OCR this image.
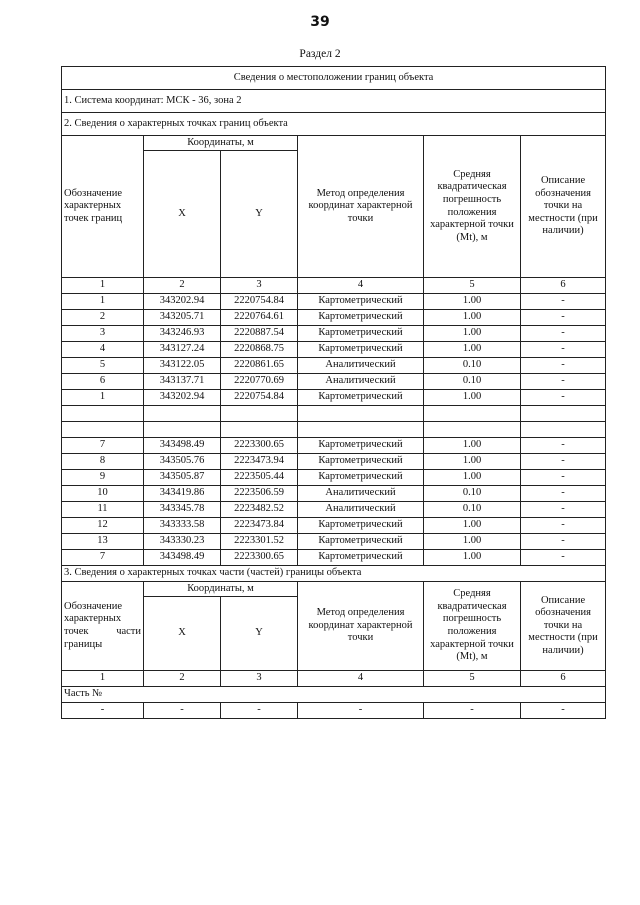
39
Раздел 2
Сведения о местоположении границ объекта					
1. Система координат: МСК - 36, зона 2					
2. Сведения о характерных точках границ объекта					
Обозначение характерных точек границ	Координаты, м		Метод определения координат характерной точки	Средняя квадратическая погрешность положения характерной точки (Mt), м	Описание обозначения точки на местности (при наличии)
	X	Y			
1	2	3	4	5	6
1	343202.94	2220754.84	Картометрический	1.00	-
2	343205.71	2220764.61	Картометрический	1.00	-
3	343246.93	2220887.54	Картометрический	1.00	-
4	343127.24	2220868.75	Картометрический	1.00	-
5	343122.05	2220861.65	Аналитический	0.10	-
6	343137.71	2220770.69	Аналитический	0.10	-
1	343202.94	2220754.84	Картометрический	1.00	-

7	343498.49	2223300.65	Картометрический	1.00	-
8	343505.76	2223473.94	Картометрический	1.00	-
9	343505.87	2223505.44	Картометрический	1.00	-
10	343419.86	2223506.59	Аналитический	0.10	-
11	343345.78	2223482.52	Аналитический	0.10	-
12	343333.58	2223473.84	Картометрический	1.00	-
13	343330.23	2223301.52	Картометрический	1.00	-
7	343498.49	2223300.65	Картометрический	1.00	-
3. Сведения о характерных точках части (частей) границы объекта					
Обозначение характерных точек части границы	Координаты, м		Метод определения координат характерной точки	Средняя квадратическая погрешность положения характерной точки (Mt), м	Описание обозначения точки на местности (при наличии)
	X	Y			
1	2	3	4	5	6
Часть №					
-	-	-	-	-	-
